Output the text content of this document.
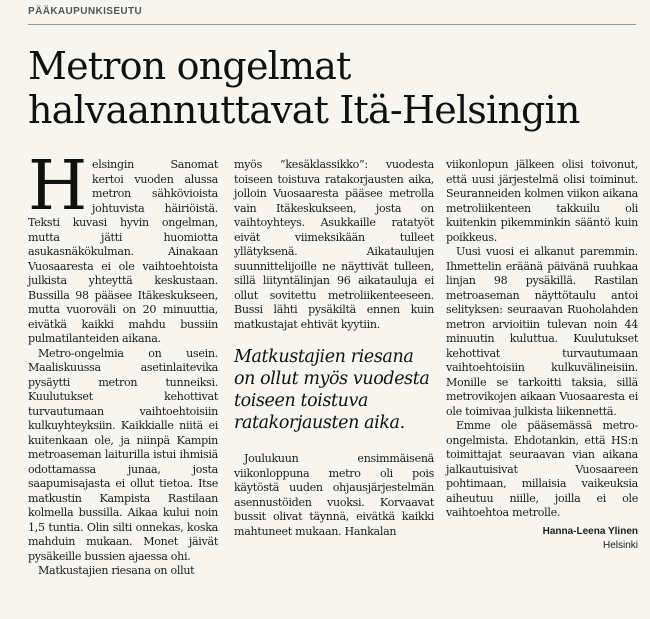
PÄÄKAUPUNKISEUTU
Metron ongelmat halvaannuttavat Itä-Helsingin

Helsingin Sanomat kertoi vuoden alussa metron sähkövioista johtuvista häiriöistä. Teksti kuvasi hyvin ongelman, mutta jätti huomiotta asukasnäkökulman. Ainakaan Vuosaaresta ei ole vaihtoehtoista julkista yhteyttä keskustaan. Bussilla 98 pääsee Itäkeskukseen, mutta vuoroväli on 20 minuuttia, eivätkä kaikki mahdu bussiin pulmatilanteiden aikana.

Metro-ongelmia on usein. Maaliskuussa asetinlaitevika pysäytti metron tunneiksi. Kuulutukset kehottivat turvautumaan vaihtoehtoisiin kulkuyhteyksiin. Kaikkialle niitä ei kuitenkaan ole, ja niinpä Kampin metroaseman laiturilla istui ihmisiä odottamassa junaa, josta saapumisajasta ei ollut tietoa. Itse matkustin Kampista Rastilaan kolmella bussilla. Aikaa kului noin 1,5 tuntia. Olin silti onnekas, koska mahduin mukaan. Monet jäivät pysäkeille bussien ajaessa ohi.

Matkustajien riesana on ollut

myös ”kesäklassikko”: vuodesta toiseen toistuva ratakorjausten aika, jolloin Vuosaaresta pääsee metrolla vain Itäkeskukseen, josta on vaihtoyhteys. Asukkaille ratatyöt eivät viimeksikään tulleet yllätyksenä. Aikataulujen suunnittelijoille ne näyttivät tulleen, sillä liityntälinjan 96 aikatauluja ei ollut sovitettu metroliikenteeseen. Bussi lähti pysäkiltä ennen kuin matkustajat ehtivät kyytiin.

Matkustajien riesana on ollut myös vuodesta toiseen toistuva ratakorjausten aika.

Joulukuun ensimmäisenä viikonloppuna metro oli pois käytöstä uuden ohjausjärjestelmän asennustöiden vuoksi. Korvaavat bussit olivat täynnä, eivätkä kaikki mahtuneet mukaan. Hankalan

viikonlopun jälkeen olisi toivonut, että uusi järjestelmä olisi toiminut. Seuranneiden kolmen viikon aikana metroliikenteen takkuilu oli kuitenkin pikemminkin sääntö kuin poikkeus.

Uusi vuosi ei alkanut paremmin. Ihmettelin eräänä päivänä ruuhkaa linjan 98 pysäkillä. Rastilan metroaseman näyttötaulu antoi selityksen: seuraavan Ruoholahden metron arvioitiin tulevan noin 44 minuutin kuluttua. Kuulutukset kehottivat turvautumaan vaihtoehtoisiin kulkuvälineisiin. Monille se tarkoitti taksia, sillä metrovikojen aikaan Vuosaaresta ei ole toimivaa julkista liikennettä.

Emme ole pääsemässä metro-ongelmista. Ehdotankin, että HS:n toimittajat seuraavan vian aikana jalkautuisivat Vuosaareen pohtimaan, millaisia vaikeuksia aiheutuu niille, joilla ei ole vaihtoehtoa metrolle.

Hanna-Leena Ylinen
Helsinki
